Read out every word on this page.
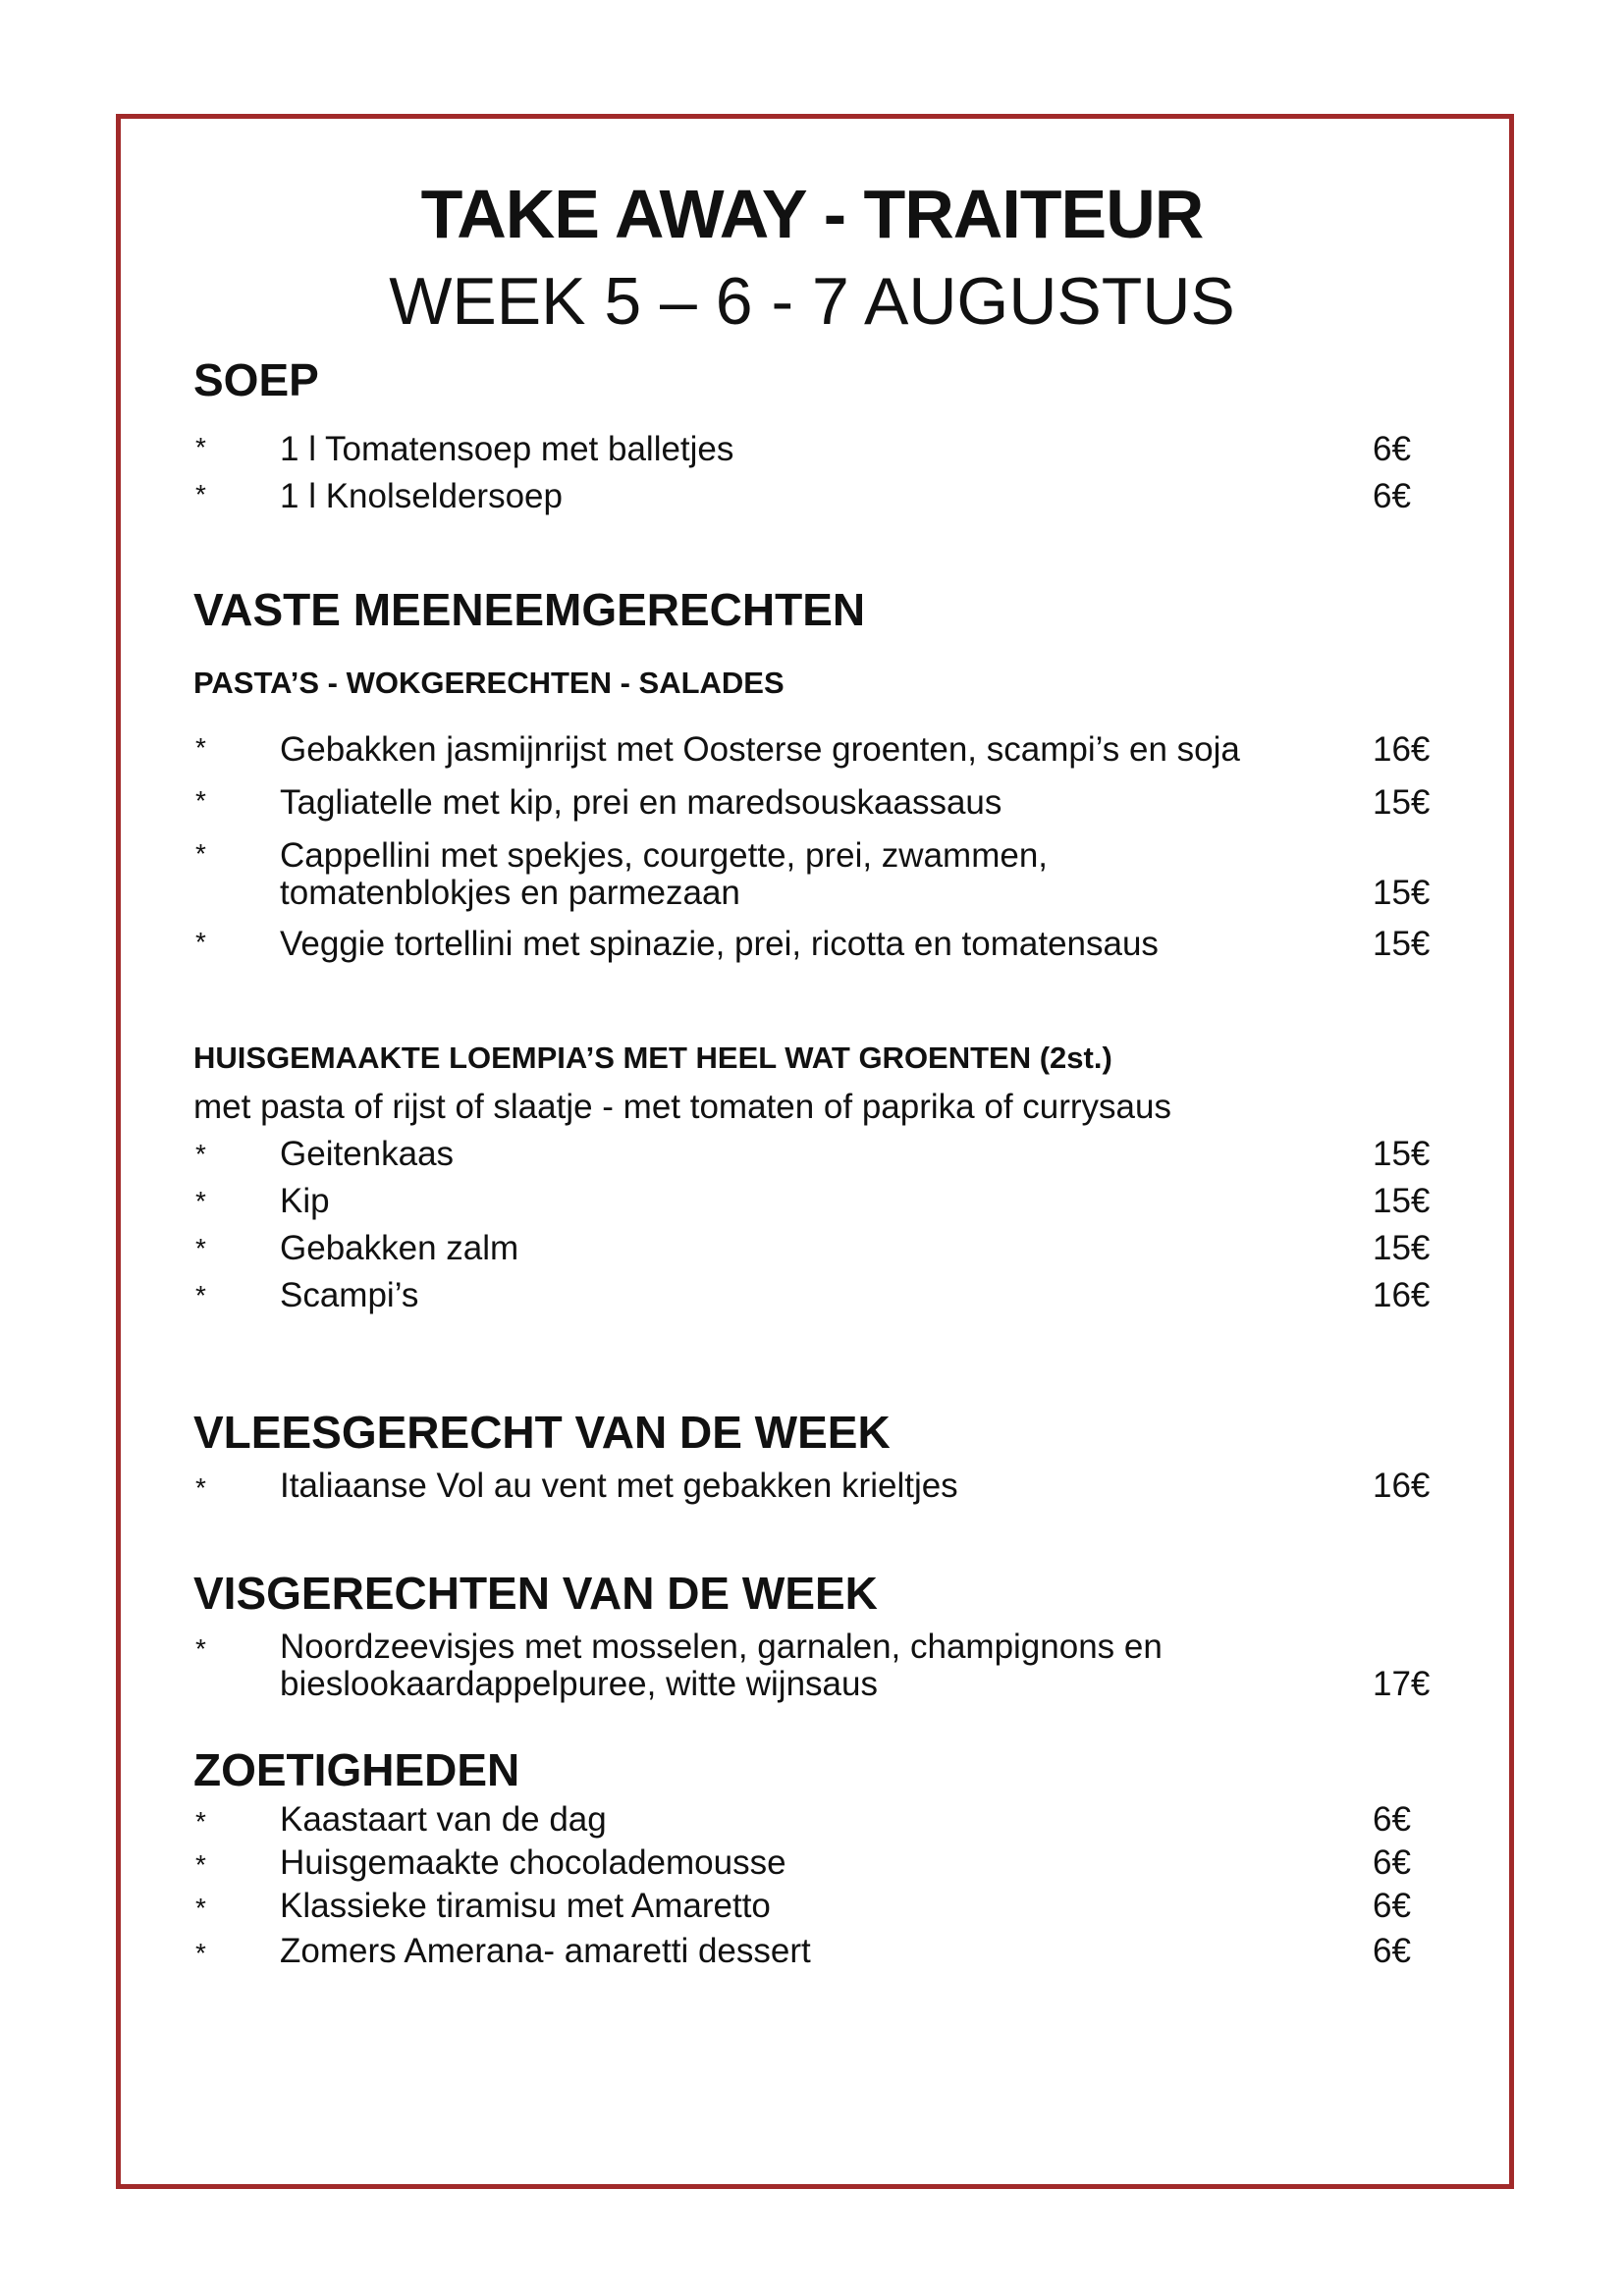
TAKE AWAY - TRAITEUR
WEEK 5 – 6 - 7 AUGUSTUS
SOEP
* 1 l Tomatensoep met balletjes	6€
* 1 l Knolseldersoep	6€
VASTE MEENEEMGERECHTEN
PASTA’S - WOKGERECHTEN - SALADES
* Gebakken jasmijnrijst met Oosterse groenten, scampi’s en soja	16€
* Tagliatelle met kip, prei en maredsouskaassaus	15€
* Cappellini met spekjes, courgette, prei, zwammen,
tomatenblokjes en parmezaan	15€
* Veggie tortellini met spinazie, prei, ricotta en tomatensaus	15€
HUISGEMAAKTE LOEMPIA’S MET HEEL WAT GROENTEN (2st.)
met pasta of rijst of slaatje - met tomaten of paprika of currysaus
* Geitenkaas	15€
* Kip	15€
* Gebakken zalm	15€
* Scampi’s	16€
VLEESGERECHT VAN DE WEEK
* Italiaanse Vol au vent met gebakken krieltjes	16€
VISGERECHTEN VAN DE WEEK
* Noordzeevisjes met mosselen, garnalen, champignons en
bieslookaardappelpuree, witte wijnsaus	17€
ZOETIGHEDEN
* Kaastaart van de dag	6€
* Huisgemaakte chocolademousse	6€
* Klassieke tiramisu met Amaretto	6€
* Zomers Amerana- amaretti dessert	6€
